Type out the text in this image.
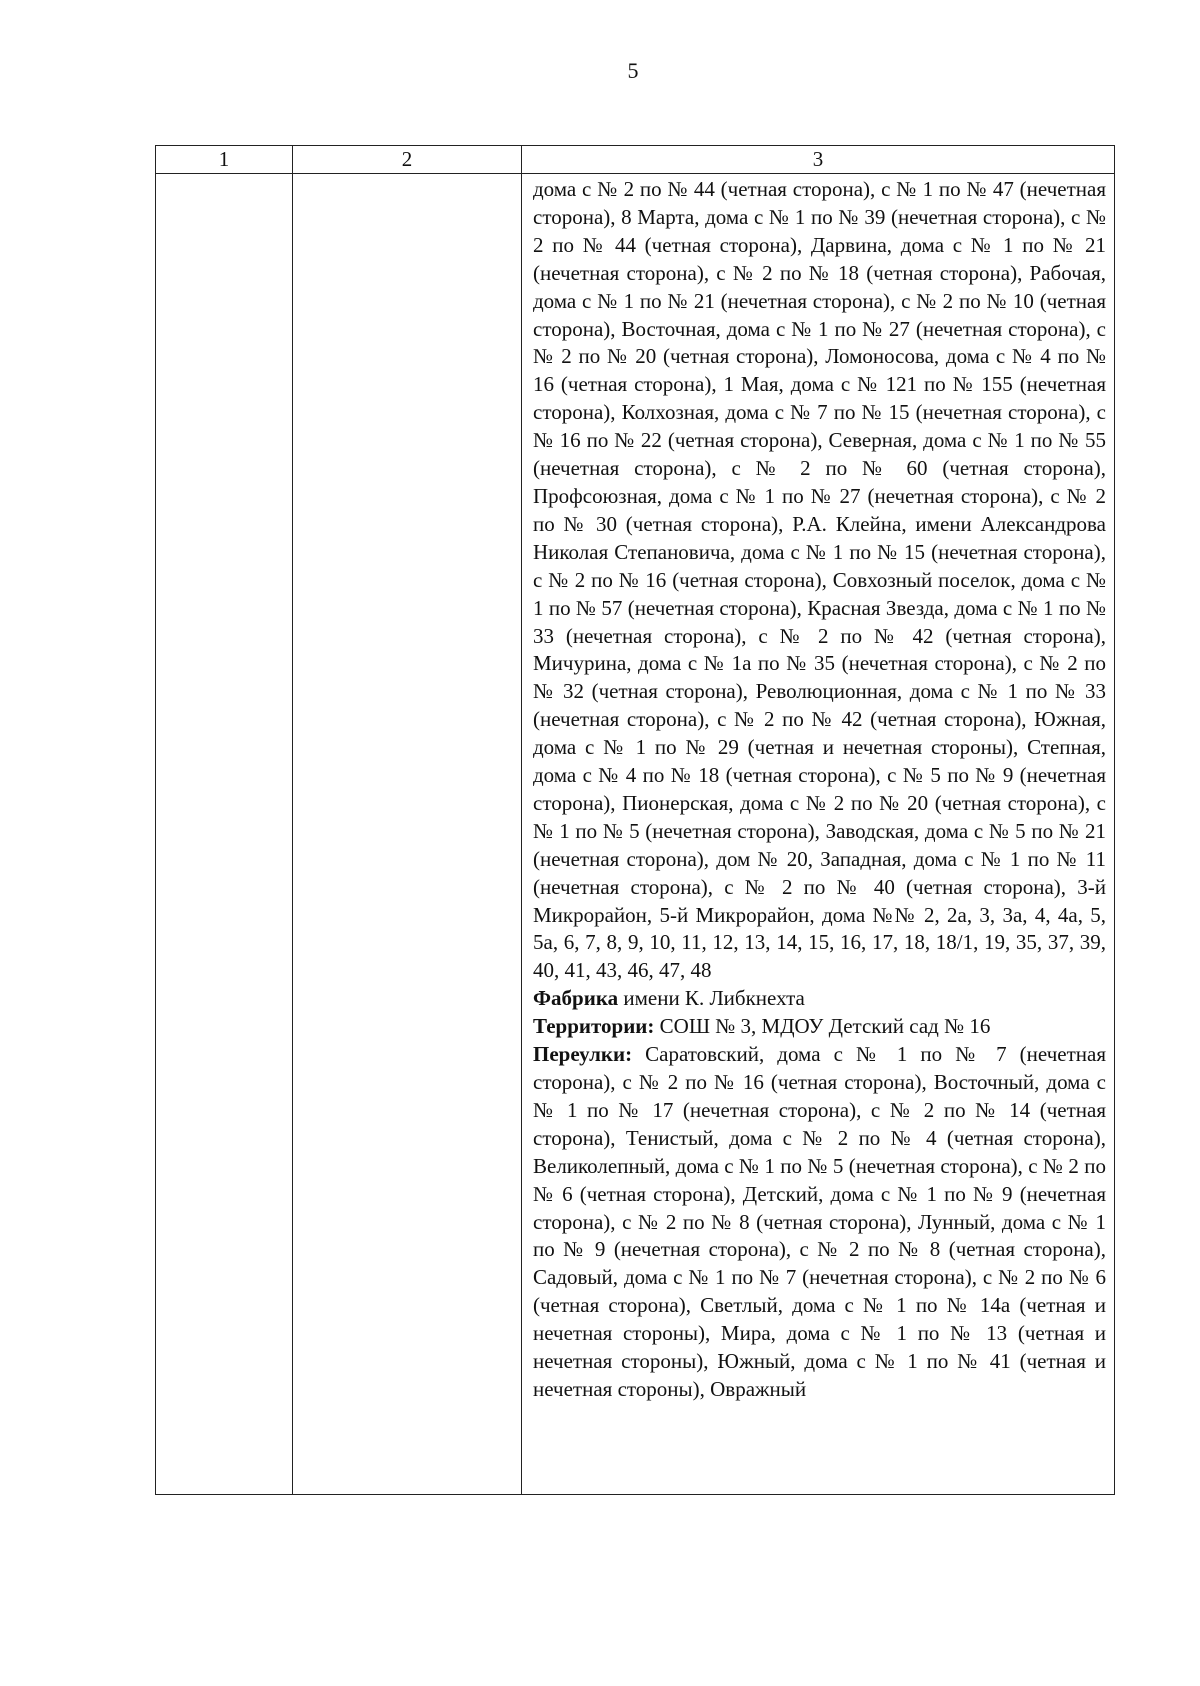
5
1	2	3

		дома с № 2 по № 44 (четная сторона), с № 1 по № 47 (нечетная сторона), 8 Марта, дома с № 1 по № 39 (нечетная сторона), с № 2 по № 44 (четная сторона), Дарвина, дома с № 1 по № 21 (нечетная сторона), с № 2 по № 18 (четная сторона), Рабочая, дома с № 1 по № 21 (нечетная сторона), с № 2 по № 10 (четная сторона), Восточная, дома с № 1 по № 27 (нечетная сторона), с № 2 по № 20 (четная сторона), Ломоносова, дома с № 4 по № 16 (четная сторона), 1 Мая, дома с № 121 по № 155 (нечетная сторона), Колхозная, дома с № 7 по № 15 (нечетная сторона), с № 16 по № 22 (четная сторона), Северная, дома с № 1 по № 55 (нечетная сторона), с № 2 по № 60 (четная сторона), Профсоюзная, дома с № 1 по № 27 (нечетная сторона), с № 2 по № 30 (четная сторона), Р.А. Клейна, имени Александрова Николая Степановича, дома с № 1 по № 15 (нечетная сторона), с № 2 по № 16 (четная сторона), Совхозный поселок, дома с № 1 по № 57 (нечетная сторона), Красная Звезда, дома с № 1 по № 33 (нечетная сторона), с № 2 по № 42 (четная сторона), Мичурина, дома с № 1а по № 35 (нечетная сторона), с № 2 по № 32 (четная сторона), Революционная, дома с № 1 по № 33 (нечетная сторона), с № 2 по № 42 (четная сторона), Южная, дома с № 1 по № 29 (четная и нечетная стороны), Степная, дома с № 4 по № 18 (четная сторона), с № 5 по № 9 (нечетная сторона), Пионерская, дома с № 2 по № 20 (четная сторона), с № 1 по № 5 (нечетная сторона), Заводская, дома с № 5 по № 21 (нечетная сторона), дом № 20, Западная, дома с № 1 по № 11 (нечетная сторона), с № 2 по № 40 (четная сторона), 3-й Микрорайон, 5-й Микрорайон, дома №№ 2, 2а, 3, 3а, 4, 4а, 5, 5а, 6, 7, 8, 9, 10, 11, 12, 13, 14, 15, 16, 17, 18, 18/1, 19, 35, 37, 39, 40, 41, 43, 46, 47, 48

Фабрика имени К. Либкнехта

Территории: СОШ № 3, МДОУ Детский сад № 16

Переулки: Саратовский, дома с № 1 по № 7 (нечетная сторона), с № 2 по № 16 (четная сторона), Восточный, дома с № 1 по № 17 (нечетная сторона), с № 2 по № 14 (четная сторона), Тенистый, дома с № 2 по № 4 (четная сторона), Великолепный, дома с № 1 по № 5 (нечетная сторона), с № 2 по № 6 (четная сторона), Детский, дома с № 1 по № 9 (нечетная сторона), с № 2 по № 8 (четная сторона), Лунный, дома с № 1 по № 9 (нечетная сторона), с № 2 по № 8 (четная сторона), Садовый, дома с № 1 по № 7 (нечетная сторона), с № 2 по № 6 (четная сторона), Светлый, дома с № 1 по № 14а (четная и нечетная стороны), Мира, дома с № 1 по № 13 (четная и нечетная стороны), Южный, дома с № 1 по № 41 (четная и нечетная стороны), Овражный
